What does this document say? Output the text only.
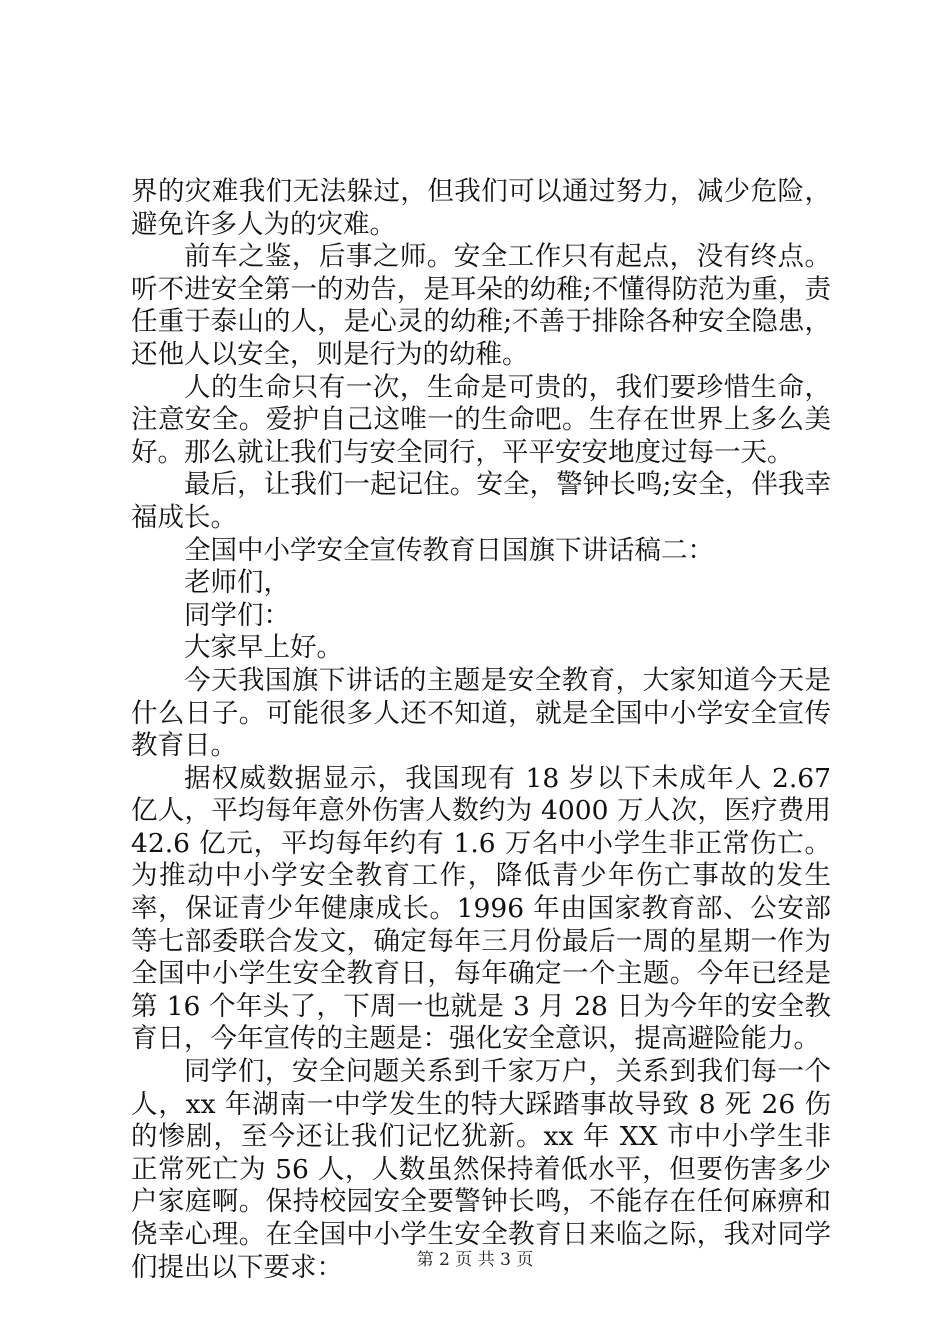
界的灾难我们无法躲过，但我们可以通过努力，减少危险，避免许多人为的灾难。

前车之鉴，后事之师。安全工作只有起点，没有终点。听不进安全第一的劝告，是耳朵的幼稚;不懂得防范为重，责任重于泰山的人，是心灵的幼稚;不善于排除各种安全隐患，还他人以安全，则是行为的幼稚。

人的生命只有一次，生命是可贵的，我们要珍惜生命，注意安全。爱护自己这唯一的生命吧。生存在世界上多么美好。那么就让我们与安全同行，平平安安地度过每一天。

最后，让我们一起记住。安全，警钟长鸣;安全，伴我幸福成长。

全国中小学安全宣传教育日国旗下讲话稿二：

老师们，

同学们：

大家早上好。

今天我国旗下讲话的主题是安全教育，大家知道今天是什么日子。可能很多人还不知道，就是全国中小学安全宣传教育日。

据权威数据显示，我国现有 18 岁以下未成年人 2.67 亿人，平均每年意外伤害人数约为 4000 万人次，医疗费用 42.6 亿元，平均每年约有 1.6 万名中小学生非正常伤亡。为推动中小学安全教育工作，降低青少年伤亡事故的发生率，保证青少年健康成长。1996 年由国家教育部、公安部等七部委联合发文，确定每年三月份最后一周的星期一作为全国中小学生安全教育日，每年确定一个主题。今年已经是第 16 个年头了，下周一也就是 3 月 28 日为今年的安全教育日，今年宣传的主题是：强化安全意识，提高避险能力。

同学们，安全问题关系到千家万户，关系到我们每一个人，xx 年湖南一中学发生的特大踩踏事故导致 8 死 26 伤的惨剧，至今还让我们记忆犹新。xx 年 XX 市中小学生非正常死亡为 56 人，人数虽然保持着低水平，但要伤害多少户家庭啊。保持校园安全要警钟长鸣，不能存在任何麻痹和侥幸心理。在全国中小学生安全教育日来临之际，我对同学们提出以下要求：	第 2 页 共 3 页
